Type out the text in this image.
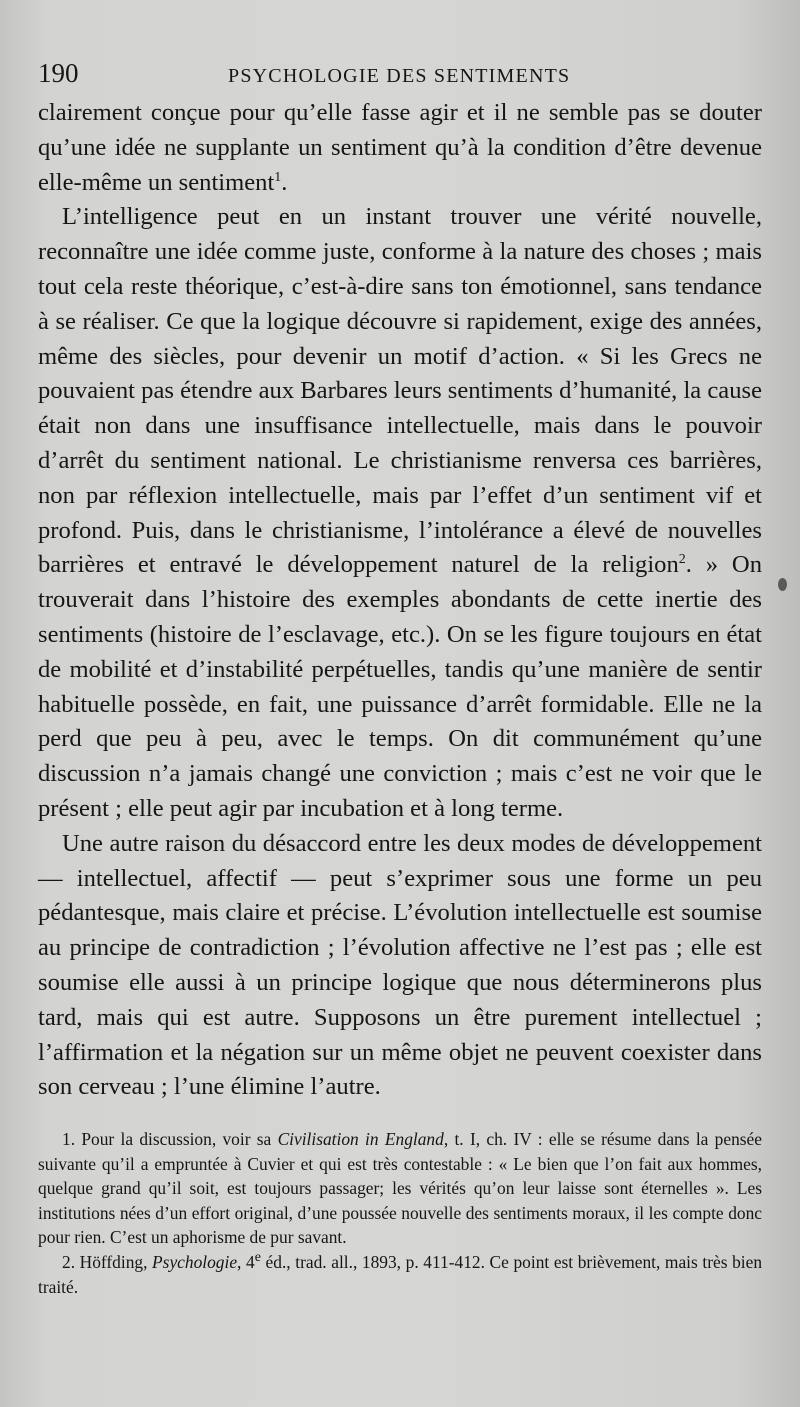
190	PSYCHOLOGIE DES SENTIMENTS

clairement conçue pour qu’elle fasse agir et il ne semble pas se douter qu’une idée ne supplante un sentiment qu’à la condition d’être devenue elle-même un sentiment$^1$.

L’intelligence peut en un instant trouver une vérité nouvelle, reconnaître une idée comme juste, conforme à la nature des choses ; mais tout cela reste théorique, c’est-à-dire sans ton émotionnel, sans tendance à se réaliser. Ce que la logique découvre si rapidement, exige des années, même des siècles, pour devenir un motif d’action. « Si les Grecs ne pouvaient pas étendre aux Barbares leurs sentiments d’humanité, la cause était non dans une insuffisance intellectuelle, mais dans le pouvoir d’arrêt du sentiment national. Le christianisme renversa ces barrières, non par réflexion intellectuelle, mais par l’effet d’un sentiment vif et profond. Puis, dans le christianisme, l’intolérance a élevé de nouvelles barrières et entravé le développement naturel de la religion$^2$. » On trouverait dans l’histoire des exemples abondants de cette inertie des sentiments (histoire de l’esclavage, etc.). On se les figure toujours en état de mobilité et d’instabilité perpétuelles, tandis qu’une manière de sentir habituelle possède, en fait, une puissance d’arrêt formidable. Elle ne la perd que peu à peu, avec le temps. On dit communément qu’une discussion n’a jamais changé une conviction ; mais c’est ne voir que le présent ; elle peut agir par incubation et à long terme.

Une autre raison du désaccord entre les deux modes de développement — intellectuel, affectif — peut s’exprimer sous une forme un peu pédantesque, mais claire et précise. L’évolution intellectuelle est soumise au principe de contradiction ; l’évolution affective ne l’est pas ; elle est soumise elle aussi à un principe logique que nous déterminerons plus tard, mais qui est autre. Supposons un être purement intellectuel ; l’affirmation et la négation sur un même objet ne peuvent coexister dans son cerveau ; l’une élimine l’autre.

1. Pour la discussion, voir sa Civilisation in England, t. I, ch. IV : elle se résume dans la pensée suivante qu’il a empruntée à Cuvier et qui est très contestable : « Le bien que l’on fait aux hommes, quelque grand qu’il soit, est toujours passager; les vérités qu’on leur laisse sont éternelles ». Les institutions nées d’un effort original, d’une poussée nouvelle des sentiments moraux, il les compte donc pour rien. C’est un aphorisme de pur savant.

2. Höffding, Psychologie, 4e éd., trad. all., 1893, p. 411-412. Ce point est brièvement, mais très bien traité.
